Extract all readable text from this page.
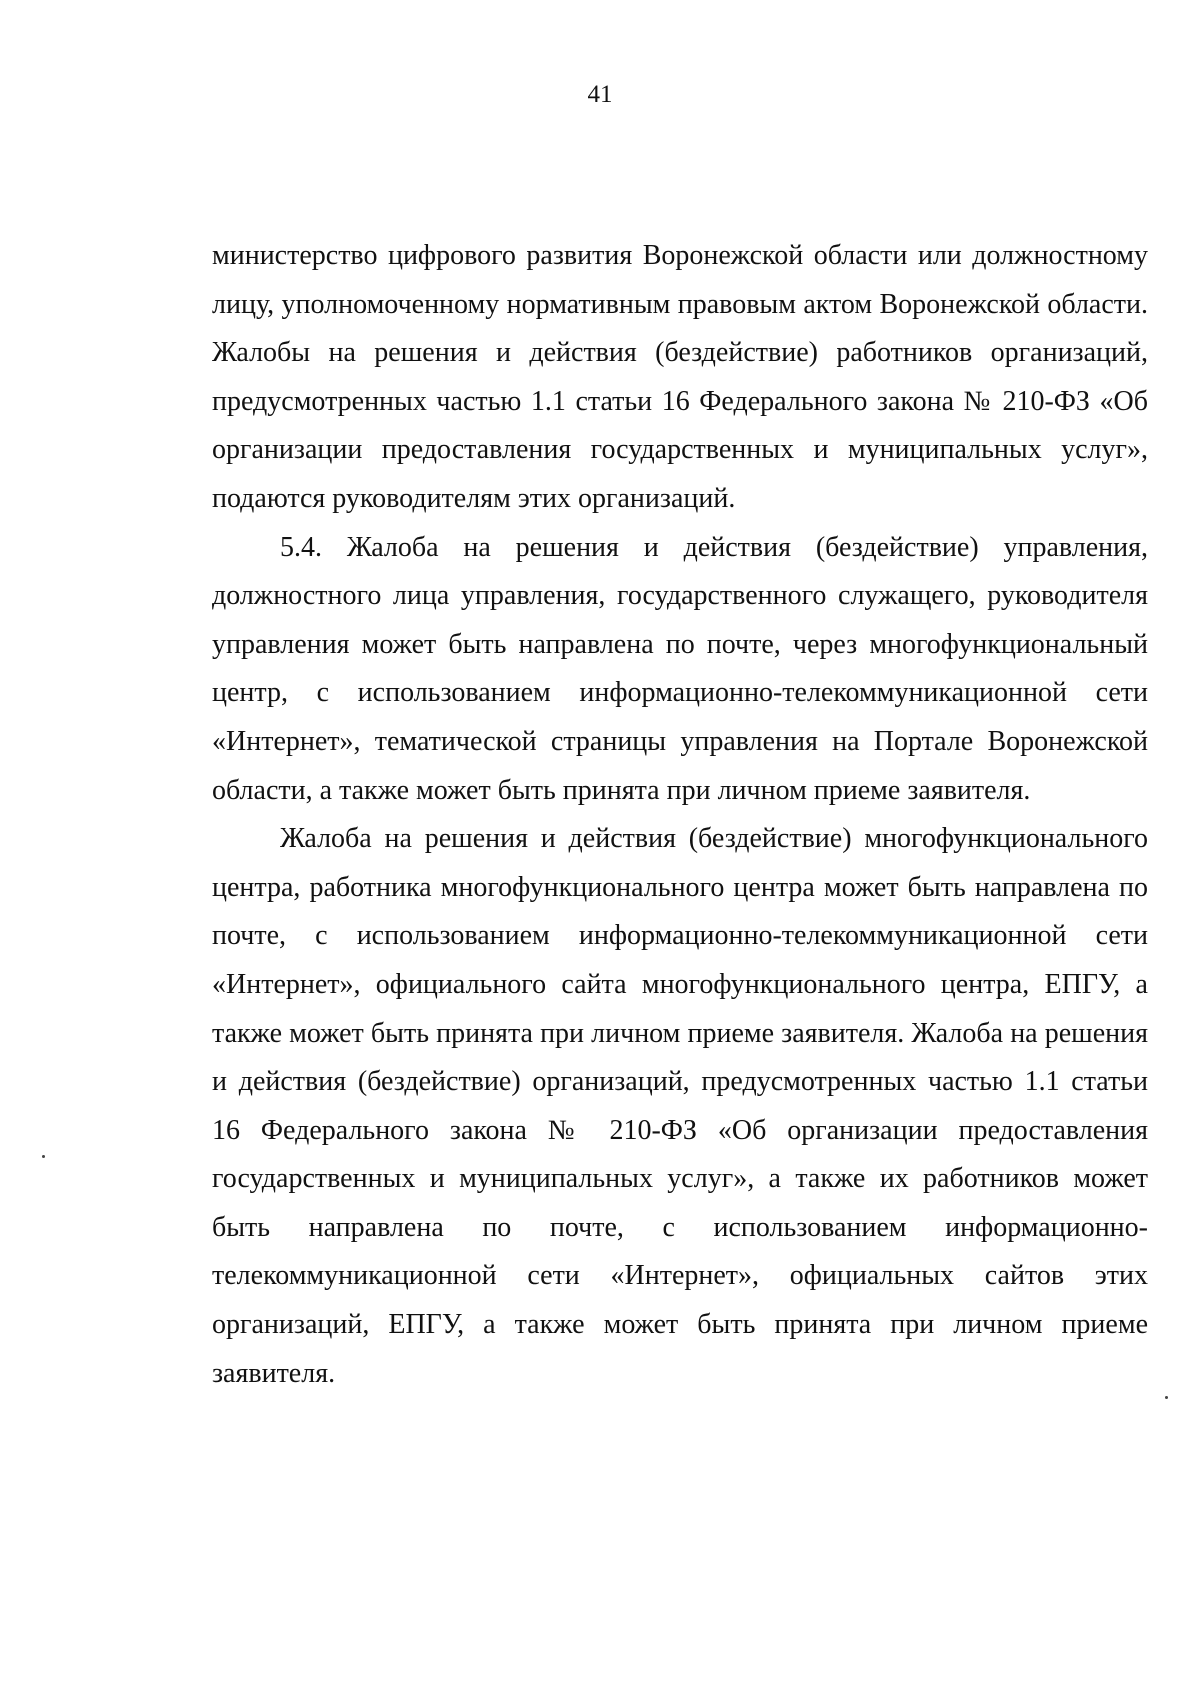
41

министерство цифрового развития Воронежской области или должностному лицу, уполномоченному нормативным правовым актом Воронежской области. Жалобы на решения и действия (бездействие) работников организаций, предусмотренных частью 1.1 статьи 16 Федерального закона № 210-ФЗ «Об организации предоставления государственных и муниципальных услуг», подаются руководителям этих организаций.

5.4. Жалоба на решения и действия (бездействие) управления, должностного лица управления, государственного служащего, руководителя управления может быть направлена по почте, через многофункциональный центр, с использованием информационно-телекоммуникационной сети «Интернет», тематической страницы управления на Портале Воронежской области, а также может быть принята при личном приеме заявителя.

Жалоба на решения и действия (бездействие) многофункционального центра, работника многофункционального центра может быть направлена по почте, с использованием информационно-телекоммуникационной сети «Интернет», официального сайта многофункционального центра, ЕПГУ, а также может быть принята при личном приеме заявителя. Жалоба на решения и действия (бездействие) организаций, предусмотренных частью 1.1 статьи 16 Федерального закона № 210-ФЗ «Об организации предоставления государственных и муниципальных услуг», а также их работников может быть направлена по почте, с использованием информационно-телекоммуникационной сети «Интернет», официальных сайтов этих организаций, ЕПГУ, а также может быть принята при личном приеме заявителя.
